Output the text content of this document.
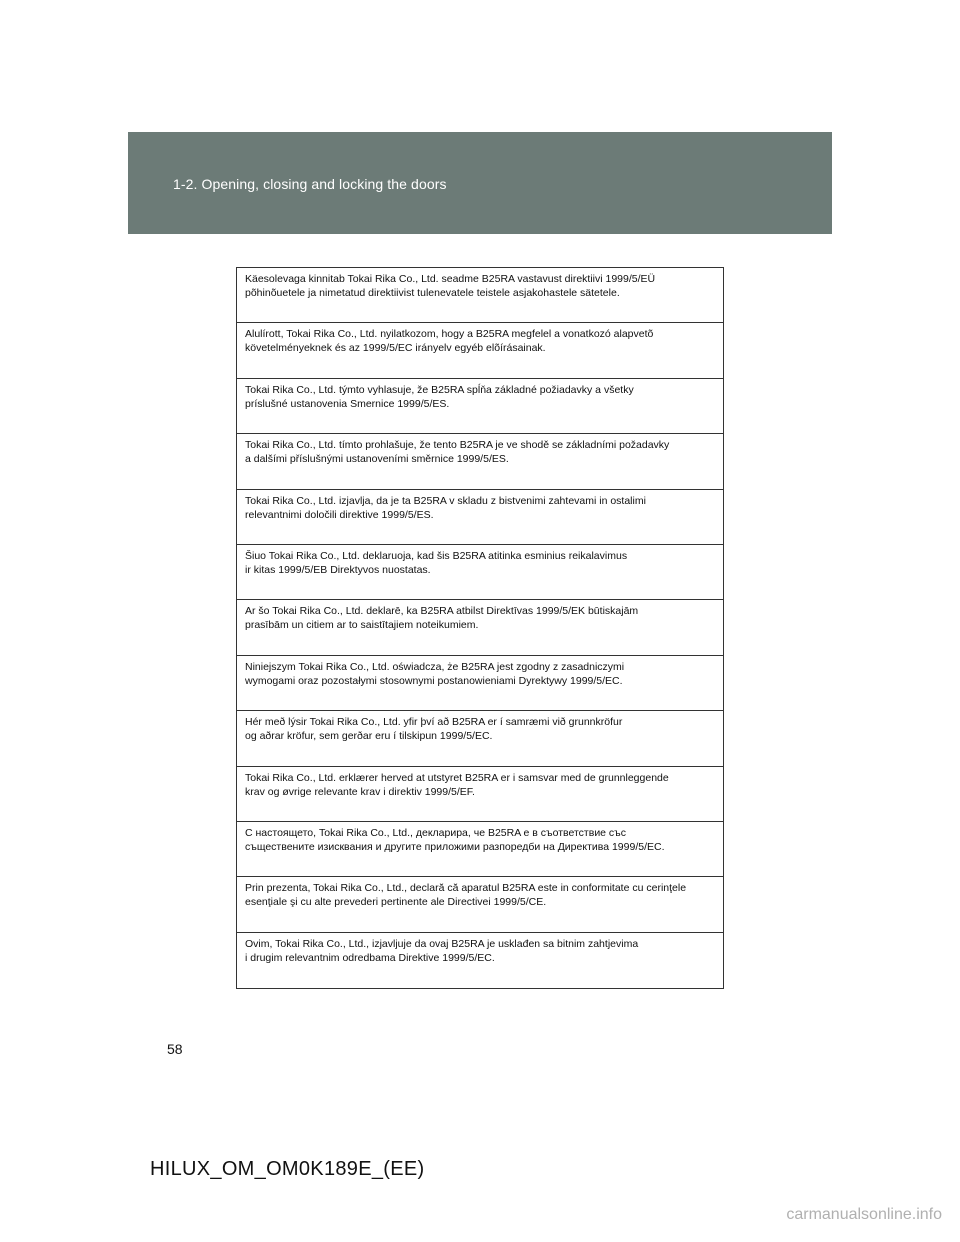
1-2. Opening, closing and locking the doors
Käesolevaga kinnitab Tokai Rika Co., Ltd. seadme B25RA vastavust direktiivi 1999/5/EÜ
põhinõuetele ja nimetatud direktiivist tulenevatele teistele asjakohastele sätetele.
Alulírott, Tokai Rika Co., Ltd. nyilatkozom, hogy a B25RA megfelel a vonatkozó alapvetõ
követelményeknek és az 1999/5/EC irányelv egyéb elõírásainak.
Tokai Rika Co., Ltd. týmto vyhlasuje, že B25RA spĺňa základné požiadavky a všetky
príslušné ustanovenia Smernice 1999/5/ES.
Tokai Rika Co., Ltd. tímto prohlašuje, že tento B25RA je ve shodě se základními požadavky
a dalšími příslušnými ustanoveními směrnice 1999/5/ES.
Tokai Rika Co., Ltd. izjavlja, da je ta B25RA v skladu z bistvenimi zahtevami in ostalimi
relevantnimi določili direktive 1999/5/ES.
Šiuo Tokai Rika Co., Ltd. deklaruoja, kad šis B25RA atitinka esminius reikalavimus
ir kitas 1999/5/EB Direktyvos nuostatas.
Ar šo Tokai Rika Co., Ltd. deklarē, ka B25RA atbilst Direktīvas 1999/5/EK būtiskajām
prasībām un citiem ar to saistītajiem noteikumiem.
Niniejszym Tokai Rika Co., Ltd. oświadcza, że B25RA jest zgodny z zasadniczymi
wymogami oraz pozostałymi stosownymi postanowieniami Dyrektywy 1999/5/EC.
Hér með lýsir Tokai Rika Co., Ltd. yfir því að B25RA er í samræmi við grunnkröfur
og aðrar kröfur, sem gerðar eru í tilskipun 1999/5/EC.
Tokai Rika Co., Ltd. erklærer herved at utstyret B25RA er i samsvar med de grunnleggende
krav og øvrige relevante krav i direktiv 1999/5/EF.
С настоящето, Tokai Rika Co., Ltd., декларира, че B25RA е в съответствие със
съществените изисквания и другите приложими разпоредби на Директива 1999/5/ЕС.
Prin prezenta, Tokai Rika Co., Ltd., declară că aparatul B25RA este in conformitate cu cerinţele
esenţiale şi cu alte prevederi pertinente ale Directivei 1999/5/CE.
Ovim, Tokai Rika Co., Ltd., izjavljuje da ovaj B25RA je usklađen sa bitnim zahtjevima
i drugim relevantnim odredbama Direktive 1999/5/EC.
58
HILUX_OM_OM0K189E_(EE)
carmanualsonline.info
